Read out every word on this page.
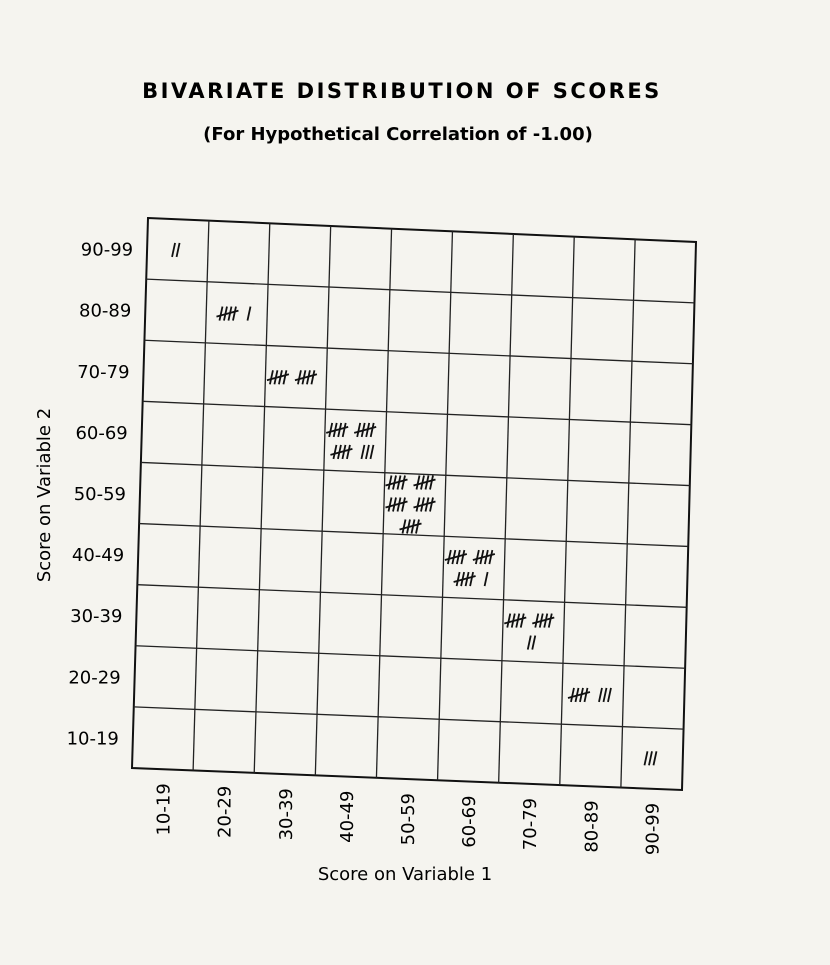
BIVARIATE DISTRIBUTION OF SCORES
(For Hypothetical Correlation of -1.00)
90-99
80-89
70-79
60-69
50-59
40-49
30-39
20-29
10-19
10-19 20-29 30-39 40-49 50-59 60-69 70-79 80-89 90-99
Score on Variable 1
Score on Variable 2
